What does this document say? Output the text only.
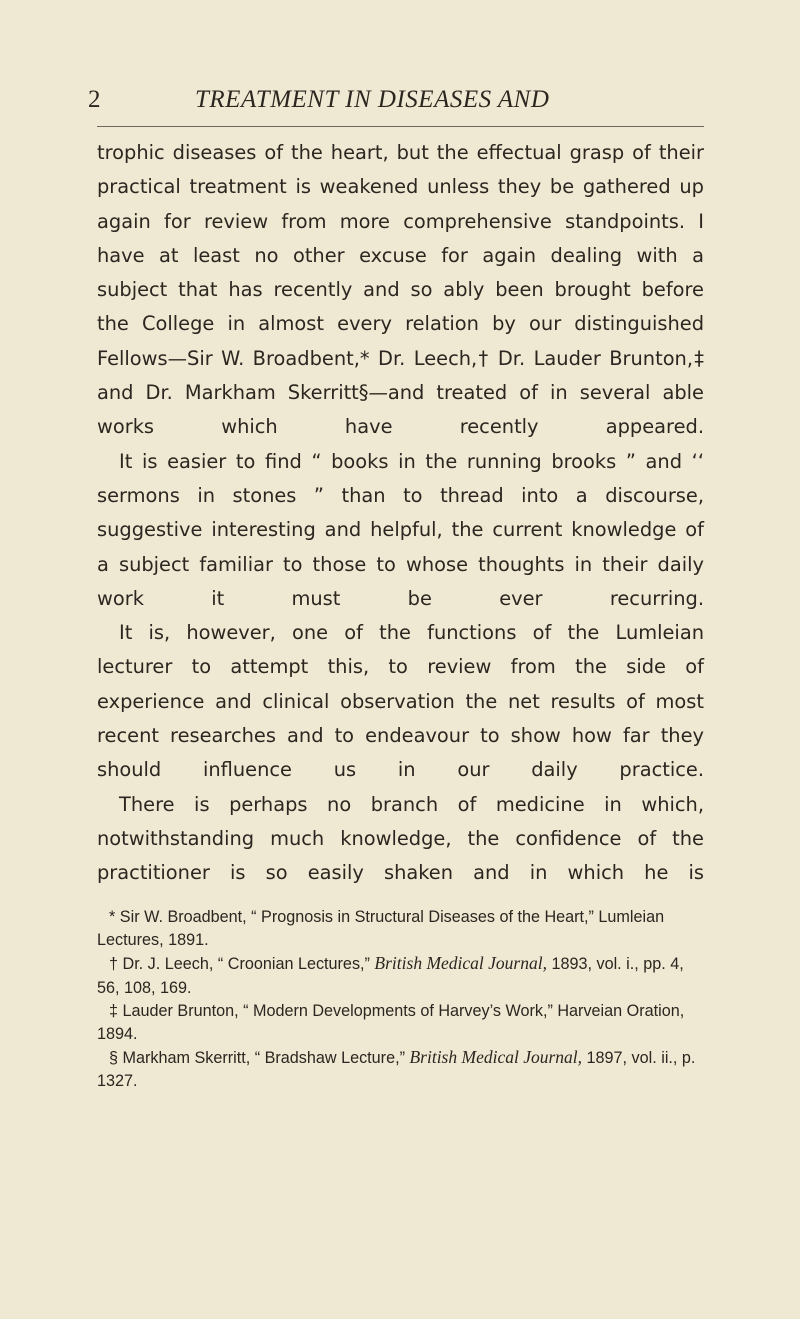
2	TREATMENT IN DISEASES AND

trophic diseases of the heart, but the effectual grasp of their practical treatment is weakened unless they be gathered up again for review from more comprehensive standpoints. I have at least no other excuse for again dealing with a subject that has recently and so ably been brought before the College in almost every relation by our distinguished Fellows—Sir W. Broadbent,* Dr. Leech,† Dr. Lauder Brunton,‡ and Dr. Markham Skerritt§—and treated of in several able works which have recently appeared.

It is easier to find “ books in the running brooks ” and ‘‘ sermons in stones ” than to thread into a discourse, suggestive interesting and helpful, the current knowledge of a subject familiar to those to whose thoughts in their daily work it must be ever recurring.

It is, however, one of the functions of the Lumleian lecturer to attempt this, to review from the side of experience and clinical observation the net results of most recent researches and to endeavour to show how far they should influence us in our daily practice.

There is perhaps no branch of medicine in which, notwithstanding much knowledge, the confidence of the practitioner is so easily shaken and in which he is

* Sir W. Broadbent, “ Prognosis in Structural Diseases of the Heart,” Lumleian Lectures, 1891.

† Dr. J. Leech, “ Croonian Lectures,” British Medical Journal, 1893, vol. i., pp. 4, 56, 108, 169.

‡ Lauder Brunton, “ Modern Developments of Harvey’s Work,” Harveian Oration, 1894.

§ Markham Skerritt, “ Bradshaw Lecture,” British Medical Journal, 1897, vol. ii., p. 1327.
